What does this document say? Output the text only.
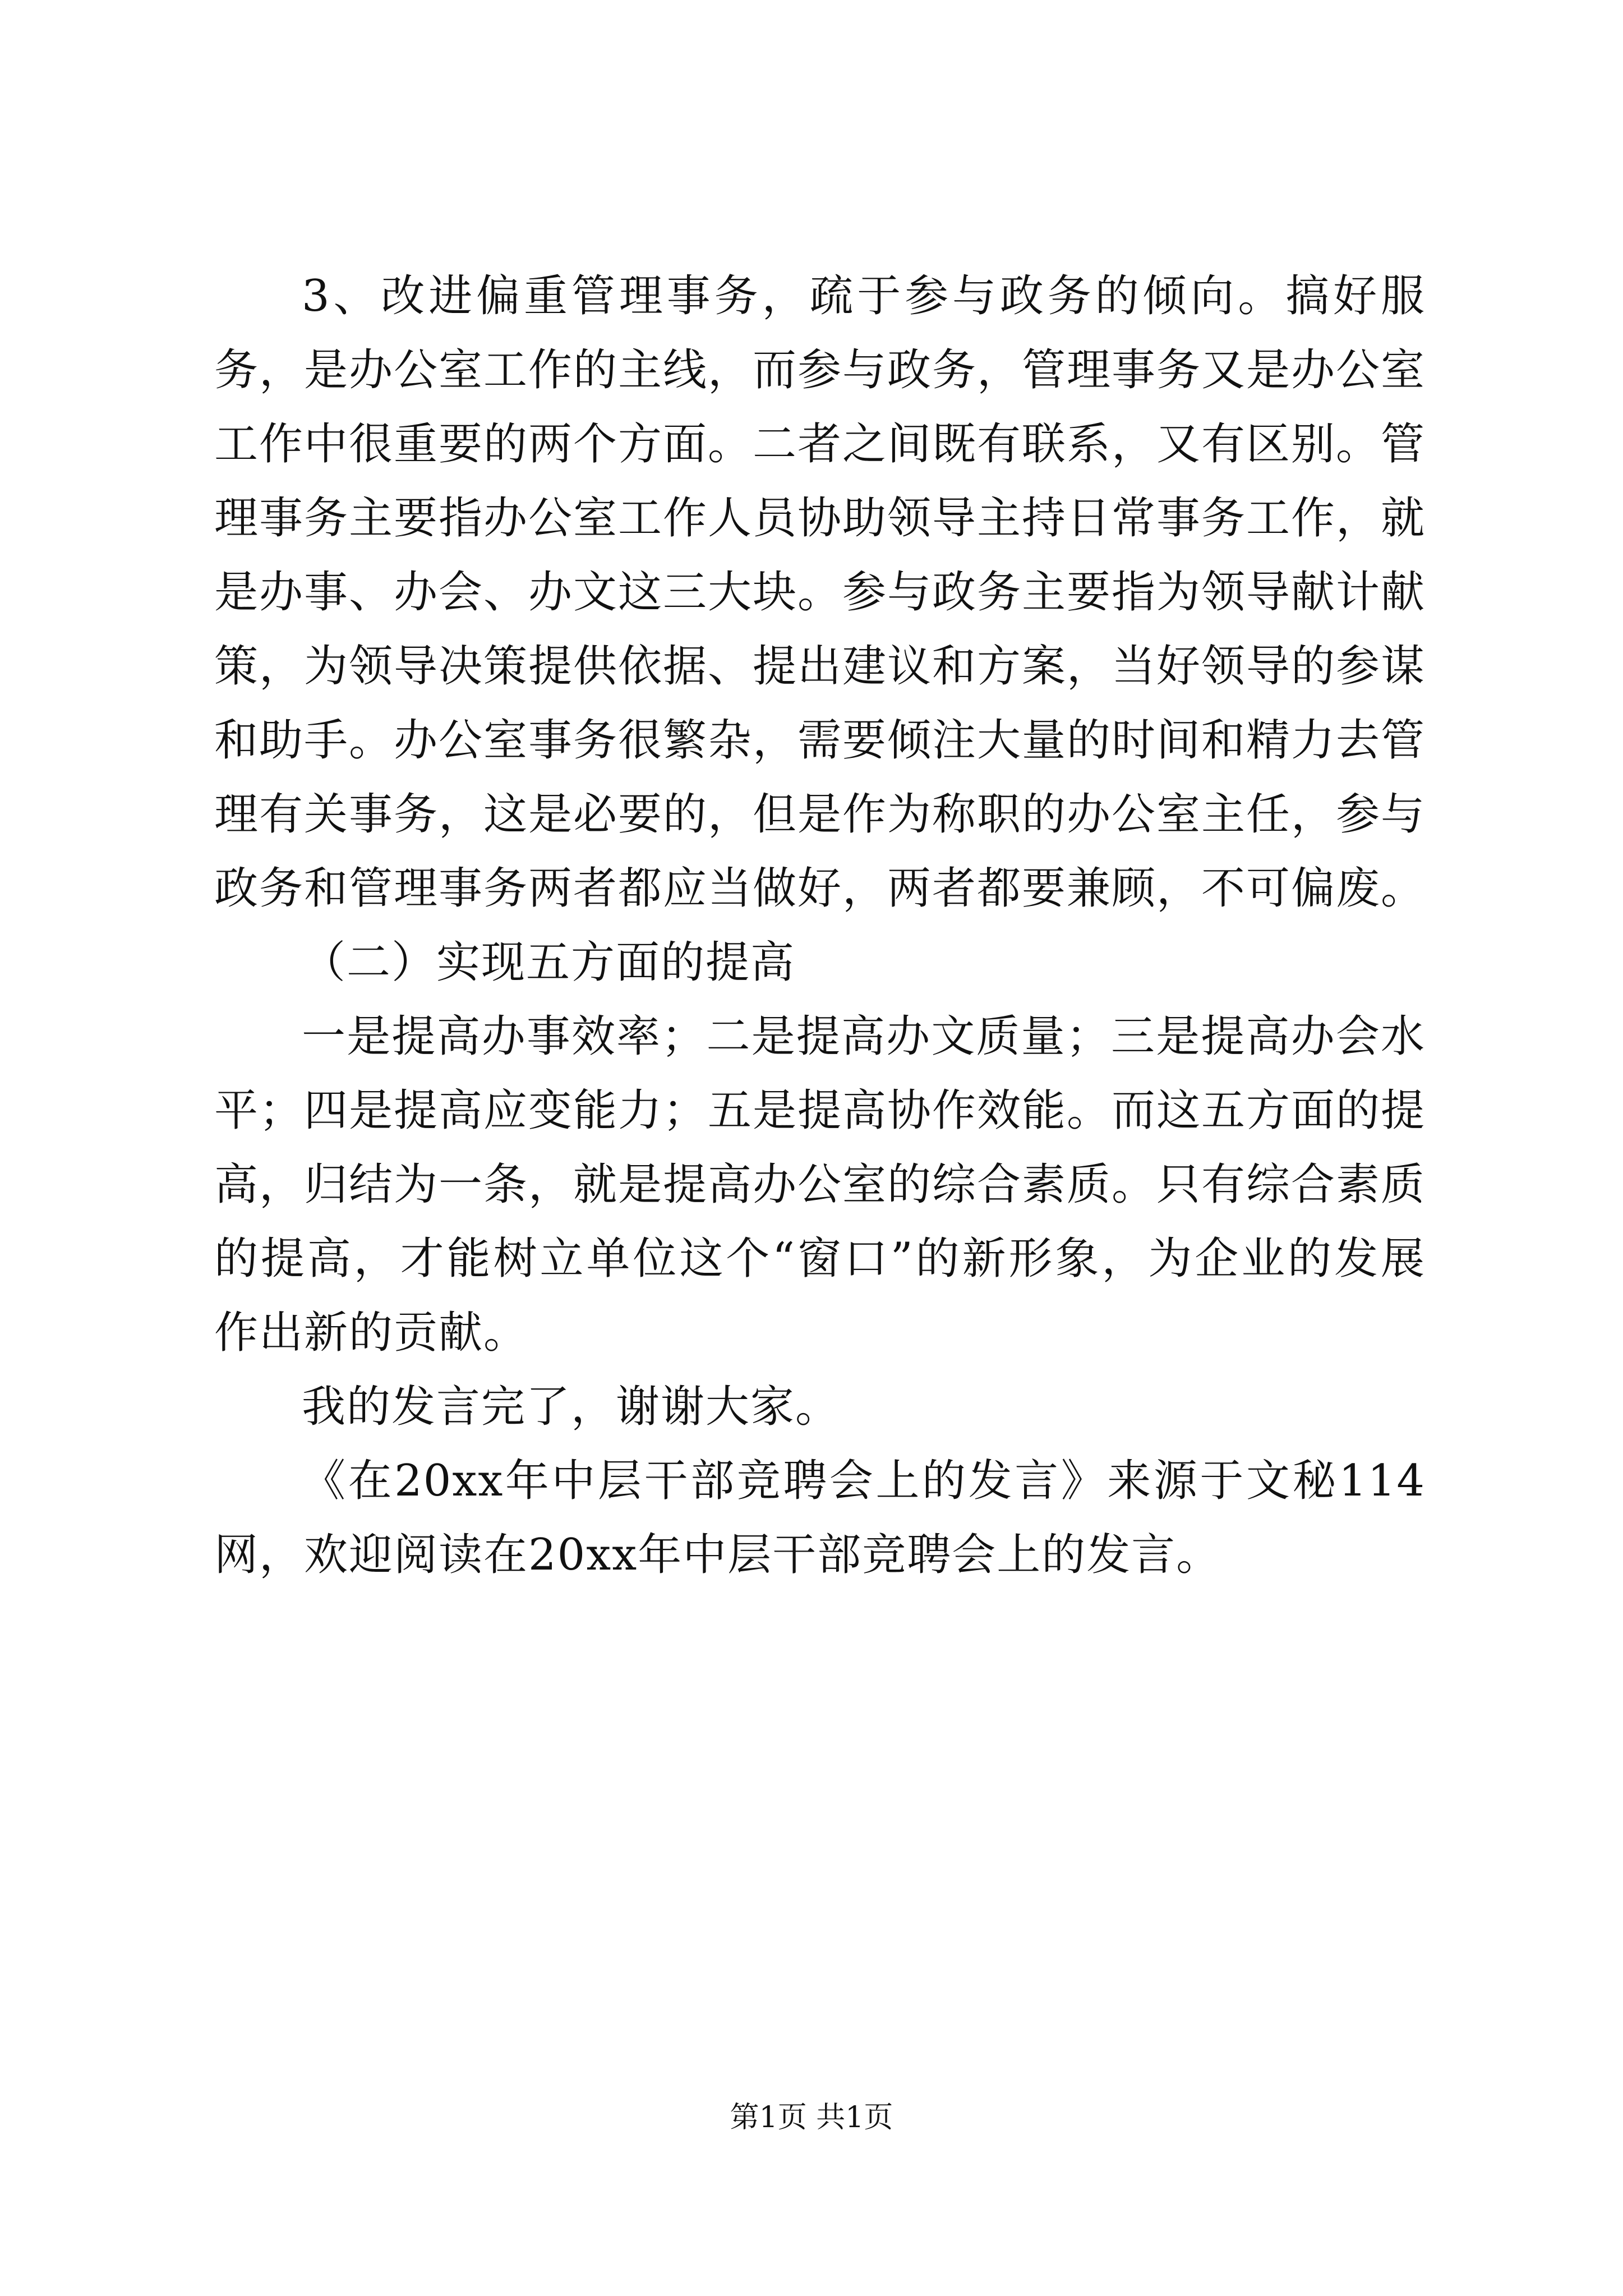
3、改进偏重管理事务，疏于参与政务的倾向。搞好服务，是办公室工作的主线，而参与政务，管理事务又是办公室工作中很重要的两个方面。二者之间既有联系，又有区别。管理事务主要指办公室工作人员协助领导主持日常事务工作，就是办事、办会、办文这三大块。参与政务主要指为领导献计献策，为领导决策提供依据、提出建议和方案，当好领导的参谋和助手。办公室事务很繁杂，需要倾注大量的时间和精力去管理有关事务，这是必要的，但是作为称职的办公室主任，参与政务和管理事务两者都应当做好，两者都要兼顾，不可偏废。

（二）实现五方面的提高

一是提高办事效率；二是提高办文质量；三是提高办会水平；四是提高应变能力；五是提高协作效能。而这五方面的提高，归结为一条，就是提高办公室的综合素质。只有综合素质的提高，才能树立单位这个“窗口”的新形象，为企业的发展作出新的贡献。

我的发言完了，谢谢大家。

《在20xx年中层干部竞聘会上的发言》来源于文秘114网，欢迎阅读在20xx年中层干部竞聘会上的发言。

第1页 共1页
